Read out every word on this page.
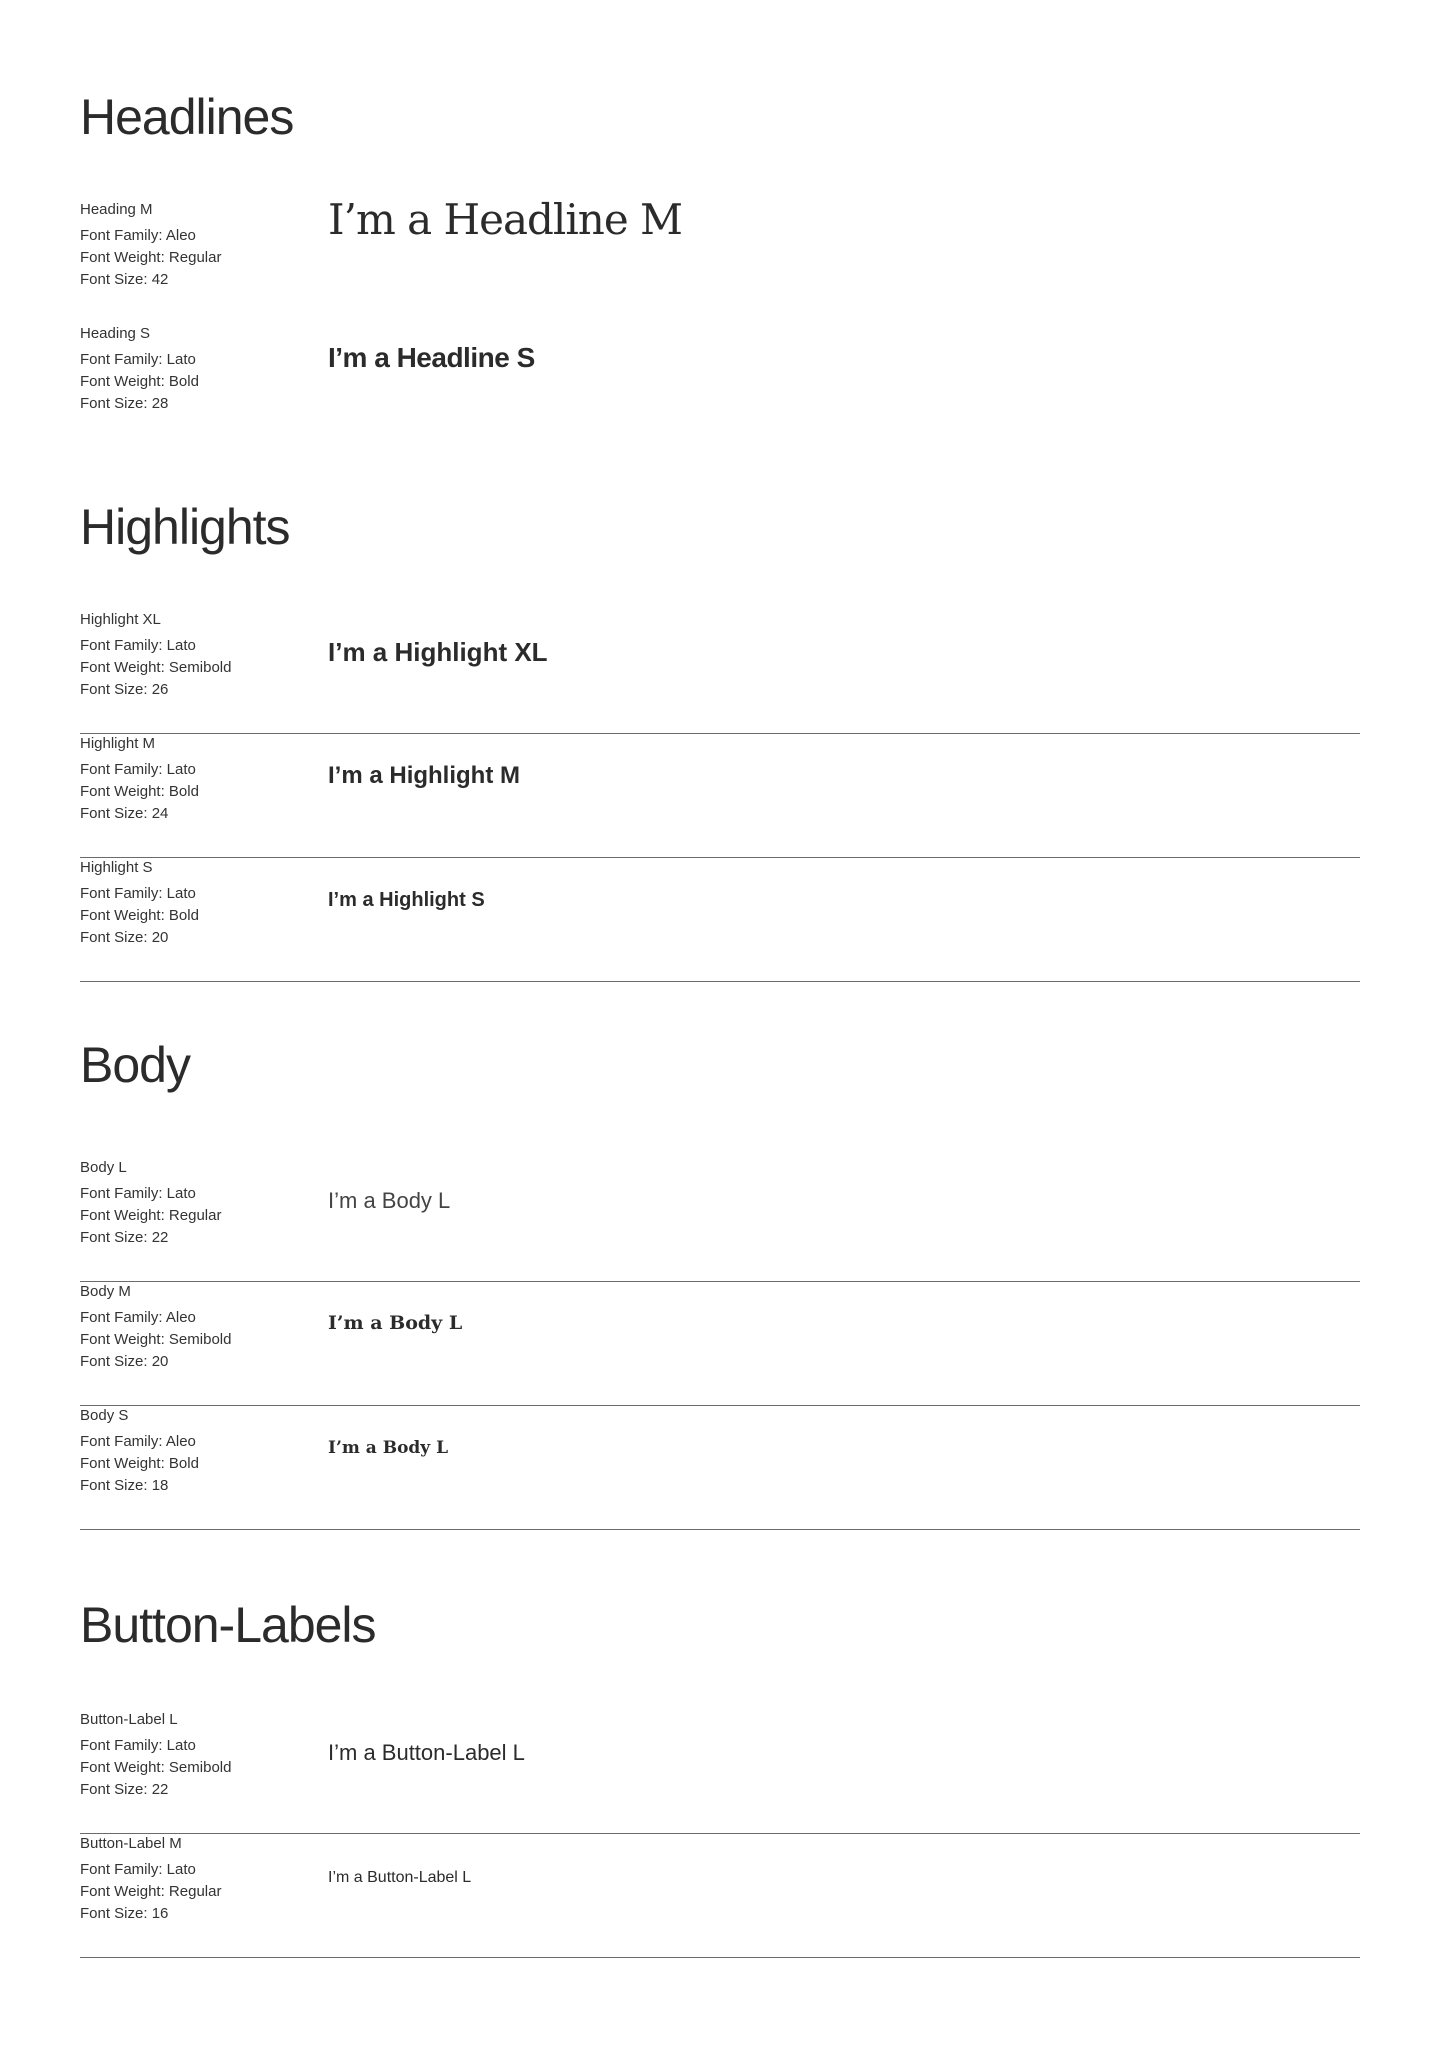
Headlines
Heading M
Font Family: Aleo
Font Weight: Regular
Font Size: 42
I’m a Headline M
Heading S
Font Family: Lato
Font Weight: Bold
Font Size: 28
I’m a Headline S
Highlights
Highlight XL
Font Family: Lato
Font Weight: Semibold
Font Size: 26
I’m a Highlight XL
Highlight M
Font Family: Lato
Font Weight: Bold
Font Size: 24
I’m a Highlight M
Highlight S
Font Family: Lato
Font Weight: Bold
Font Size: 20
I’m a Highlight S
Body
Body L
Font Family: Lato
Font Weight: Regular
Font Size: 22
I’m a Body L
Body M
Font Family: Aleo
Font Weight: Semibold
Font Size: 20
I’m a Body L
Body S
Font Family: Aleo
Font Weight: Bold
Font Size: 18
I’m a Body L
Button-Labels
Button-Label L
Font Family: Lato
Font Weight: Semibold
Font Size: 22
I’m a Button-Label L
Button-Label M
Font Family: Lato
Font Weight: Regular
Font Size: 16
I’m a Button-Label L
